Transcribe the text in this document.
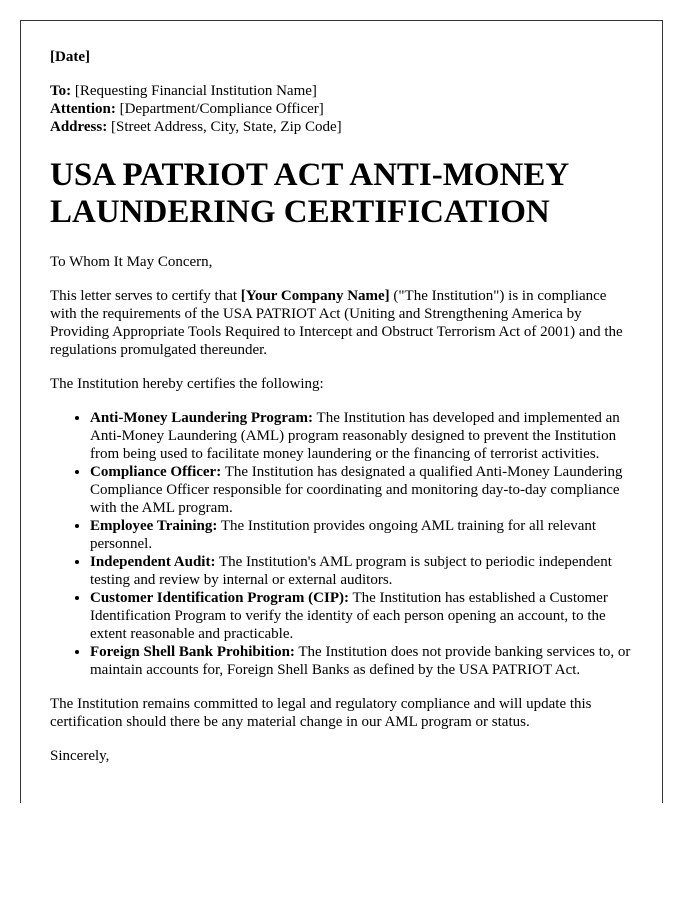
[Date]

To: [Requesting Financial Institution Name]

Attention: [Department/Compliance Officer]

Address: [Street Address, City, State, Zip Code]

USA PATRIOT ACT ANTI-MONEY LAUNDERING CERTIFICATION

To Whom It May Concern,

This letter serves to certify that [Your Company Name] ("The Institution") is in compliance with the requirements of the USA PATRIOT Act (Uniting and Strengthening America by Providing Appropriate Tools Required to Intercept and Obstruct Terrorism Act of 2001) and the regulations promulgated thereunder.

The Institution hereby certifies the following:

• Anti-Money Laundering Program: The Institution has developed and implemented an Anti-Money Laundering (AML) program reasonably designed to prevent the Institution from being used to facilitate money laundering or the financing of terrorist activities.
• Compliance Officer: The Institution has designated a qualified Anti-Money Laundering Compliance Officer responsible for coordinating and monitoring day-to-day compliance with the AML program.
• Employee Training: The Institution provides ongoing AML training for all relevant personnel.
• Independent Audit: The Institution's AML program is subject to periodic independent testing and review by internal or external auditors.
• Customer Identification Program (CIP): The Institution has established a Customer Identification Program to verify the identity of each person opening an account, to the extent reasonable and practicable.
• Foreign Shell Bank Prohibition: The Institution does not provide banking services to, or maintain accounts for, Foreign Shell Banks as defined by the USA PATRIOT Act.

The Institution remains committed to legal and regulatory compliance and will update this certification should there be any material change in our AML program or status.

Sincerely,
